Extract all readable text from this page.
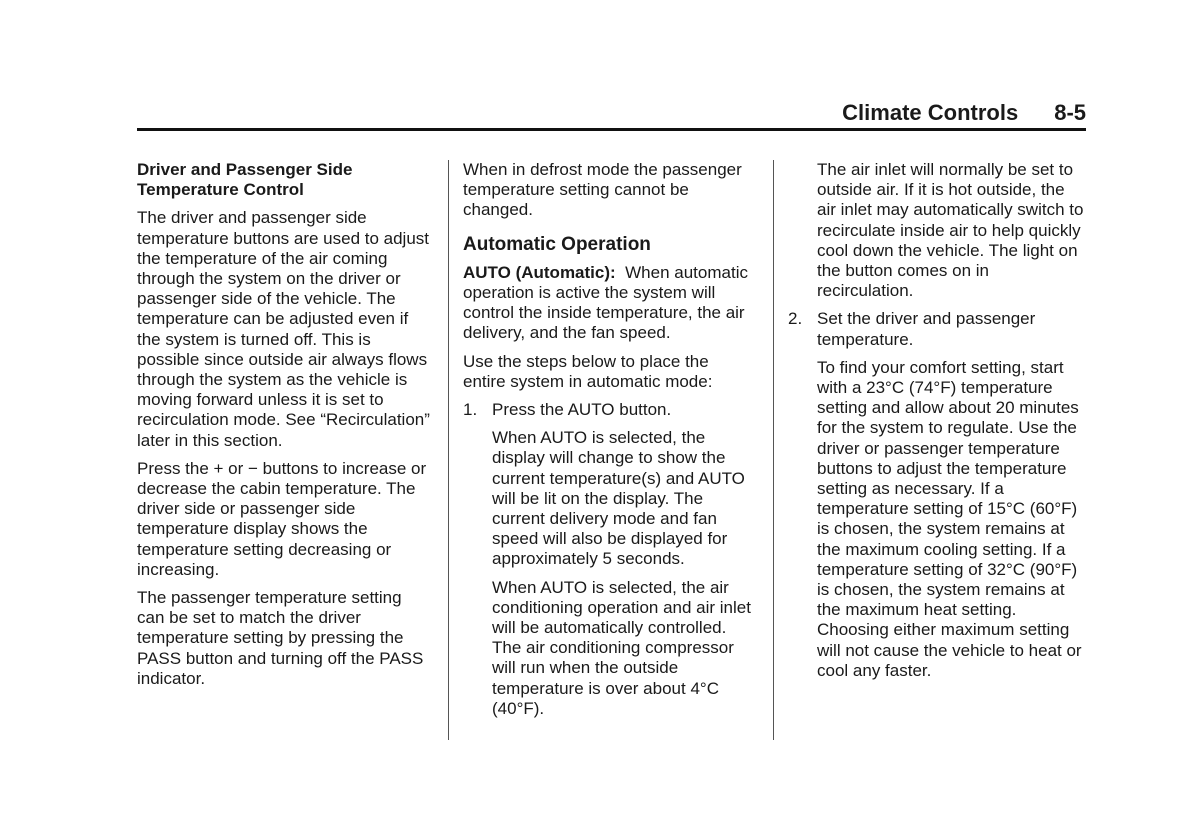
Climate Controls 8-5

Driver and Passenger Side
Temperature Control

The driver and passenger side temperature buttons are used to adjust the temperature of the air coming through the system on the driver or passenger side of the vehicle. The temperature can be adjusted even if the system is turned off. This is possible since outside air always flows through the system as the vehicle is moving forward unless it is set to recirculation mode. See “Recirculation” later in this section.

Press the + or − buttons to increase or decrease the cabin temperature. The driver side or passenger side temperature display shows the temperature setting decreasing or increasing.

The passenger temperature setting can be set to match the driver temperature setting by pressing the PASS button and turning off the PASS indicator.

When in defrost mode the passenger temperature setting cannot be changed.

Automatic Operation

AUTO (Automatic): When automatic operation is active the system will control the inside temperature, the air delivery, and the fan speed.

Use the steps below to place the entire system in automatic mode:

1. Press the AUTO button.

When AUTO is selected, the display will change to show the current temperature(s) and AUTO will be lit on the display. The current delivery mode and fan speed will also be displayed for approximately 5 seconds.

When AUTO is selected, the air conditioning operation and air inlet will be automatically controlled. The air conditioning compressor will run when the outside temperature is over about 4°C (40°F).

The air inlet will normally be set to outside air. If it is hot outside, the air inlet may automatically switch to recirculate inside air to help quickly cool down the vehicle. The light on the button comes on in recirculation.

2. Set the driver and passenger temperature.

To find your comfort setting, start with a 23°C (74°F) temperature setting and allow about 20 minutes for the system to regulate. Use the driver or passenger temperature buttons to adjust the temperature setting as necessary. If a temperature setting of 15°C (60°F) is chosen, the system remains at the maximum cooling setting. If a temperature setting of 32°C (90°F) is chosen, the system remains at the maximum heat setting. Choosing either maximum setting will not cause the vehicle to heat or cool any faster.
